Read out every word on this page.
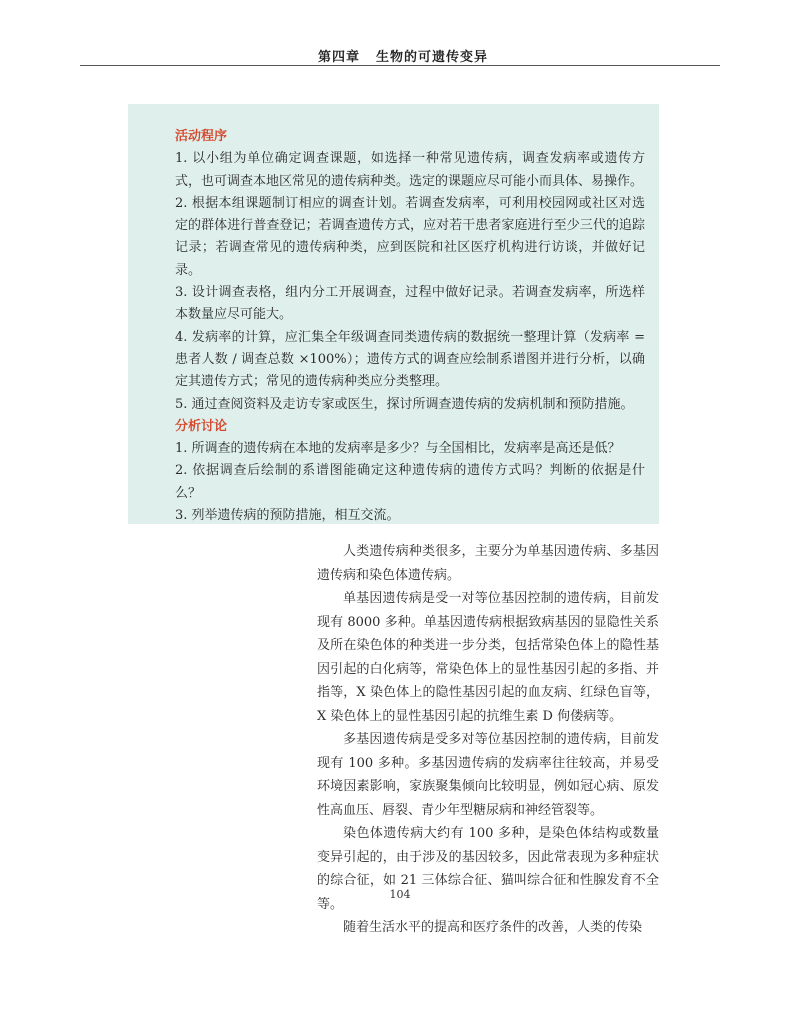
第四章 生物的可遗传变异

活动程序

1. 以小组为单位确定调查课题，如选择一种常见遗传病，调查发病率或遗传方式，也可调查本地区常见的遗传病种类。选定的课题应尽可能小而具体、易操作。

2. 根据本组课题制订相应的调查计划。若调查发病率，可利用校园网或社区对选定的群体进行普查登记；若调查遗传方式，应对若干患者家庭进行至少三代的追踪记录；若调查常见的遗传病种类，应到医院和社区医疗机构进行访谈，并做好记录。

3. 设计调查表格，组内分工开展调查，过程中做好记录。若调查发病率，所选样本数量应尽可能大。

4. 发病率的计算，应汇集全年级调查同类遗传病的数据统一整理计算（发病率 = 患者人数 / 调查总数 ×100%）；遗传方式的调查应绘制系谱图并进行分析，以确定其遗传方式；常见的遗传病种类应分类整理。

5. 通过查阅资料及走访专家或医生，探讨所调查遗传病的发病机制和预防措施。

分析讨论

1. 所调查的遗传病在本地的发病率是多少？与全国相比，发病率是高还是低？

2. 依据调查后绘制的系谱图能确定这种遗传病的遗传方式吗？判断的依据是什么？

3. 列举遗传病的预防措施，相互交流。

人类遗传病种类很多，主要分为单基因遗传病、多基因遗传病和染色体遗传病。

单基因遗传病是受一对等位基因控制的遗传病，目前发现有 8000 多种。单基因遗传病根据致病基因的显隐性关系及所在染色体的种类进一步分类，包括常染色体上的隐性基因引起的白化病等，常染色体上的显性基因引起的多指、并指等，X 染色体上的隐性基因引起的血友病、红绿色盲等，X 染色体上的显性基因引起的抗维生素 D 佝偻病等。

多基因遗传病是受多对等位基因控制的遗传病，目前发现有 100 多种。多基因遗传病的发病率往往较高，并易受环境因素影响，家族聚集倾向比较明显，例如冠心病、原发性高血压、唇裂、青少年型糖尿病和神经管裂等。

染色体遗传病大约有 100 多种，是染色体结构或数量变异引起的，由于涉及的基因较多，因此常表现为多种症状的综合征，如 21 三体综合征、猫叫综合征和性腺发育不全等。

随着生活水平的提高和医疗条件的改善，人类的传染

104
